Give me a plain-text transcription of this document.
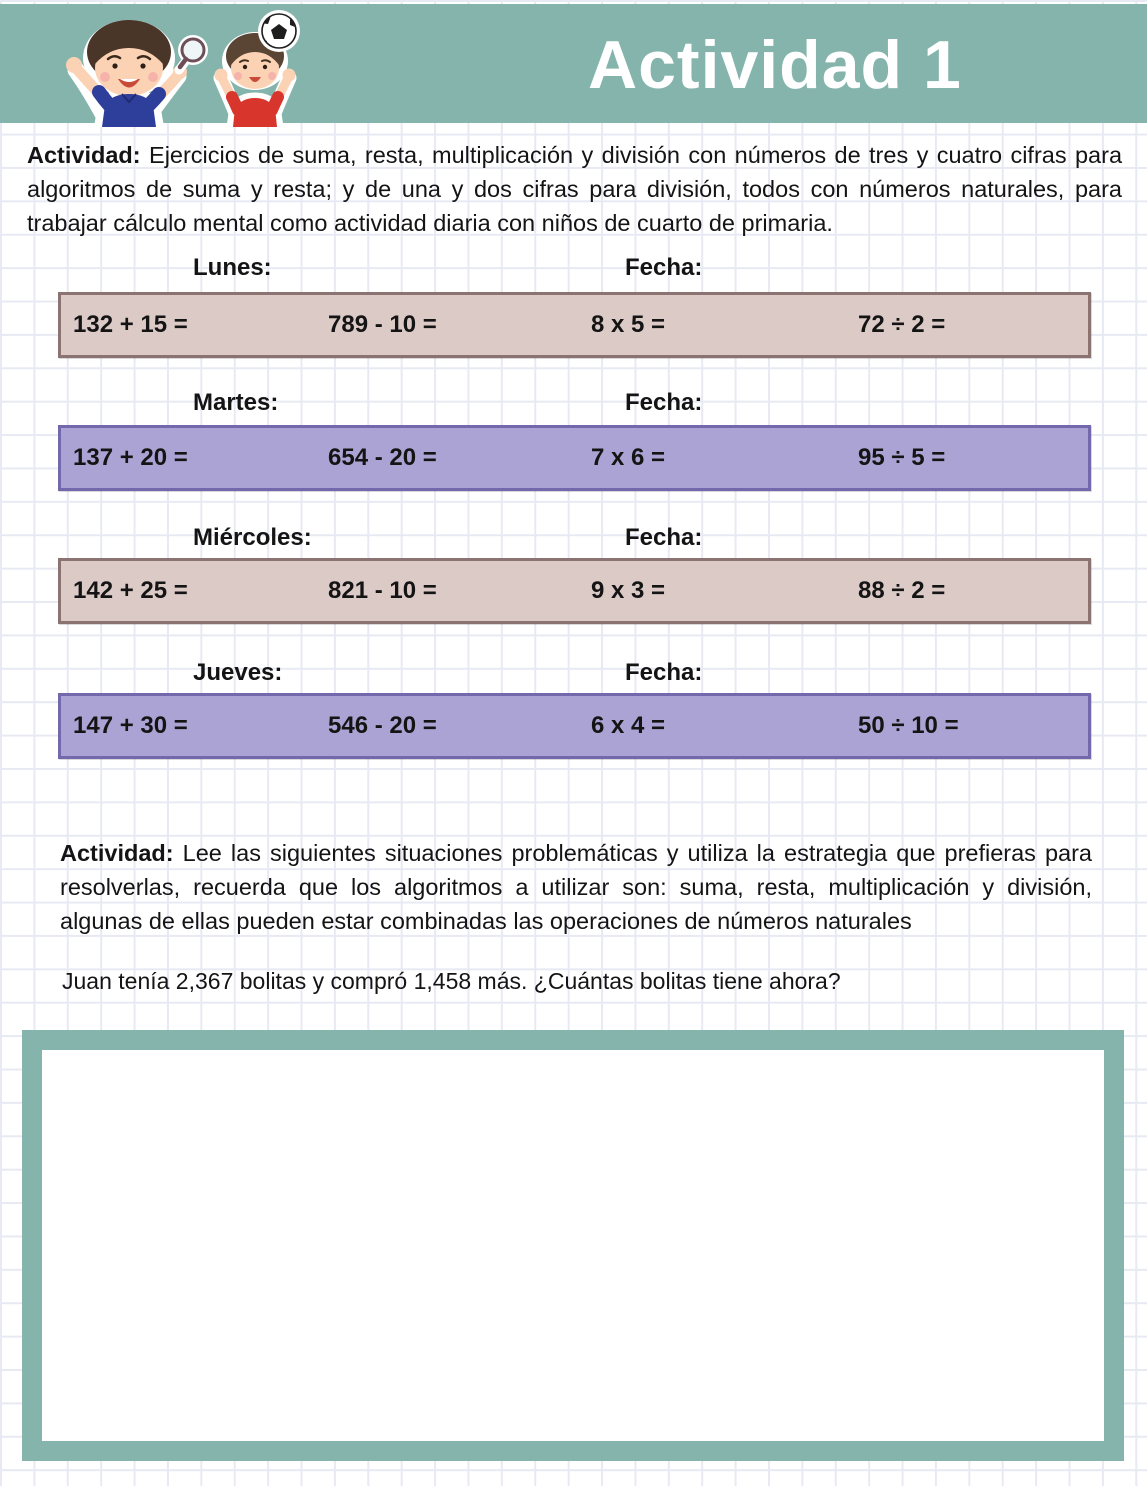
Actividad 1

Actividad: Ejercicios de suma, resta, multiplicación y división con números de tres y cuatro cifras para algoritmos de suma y resta; y de una y dos cifras para división, todos con números naturales, para trabajar cálculo mental como actividad diaria con niños de cuarto de primaria.

Lunes:	Fecha:
132 + 15 =	789 - 10 =	8 x 5 =	72 ÷ 2 =
Martes:	Fecha:
137 + 20 =	654 - 20 =	7 x 6 =	95 ÷ 5 =
Miércoles:	Fecha:
142 + 25 =	821 - 10 =	9 x 3 =	88 ÷ 2 =
Jueves:	Fecha:
147 + 30 =	546 - 20 =	6 x 4 =	50 ÷ 10 =

Actividad: Lee las siguientes situaciones problemáticas y utiliza la estrategia que prefieras para resolverlas, recuerda que los algoritmos a utilizar son: suma, resta, multiplicación y división, algunas de ellas pueden estar combinadas las operaciones de números naturales

Juan tenía 2,367 bolitas y compró 1,458 más. ¿Cuántas bolitas tiene ahora?
